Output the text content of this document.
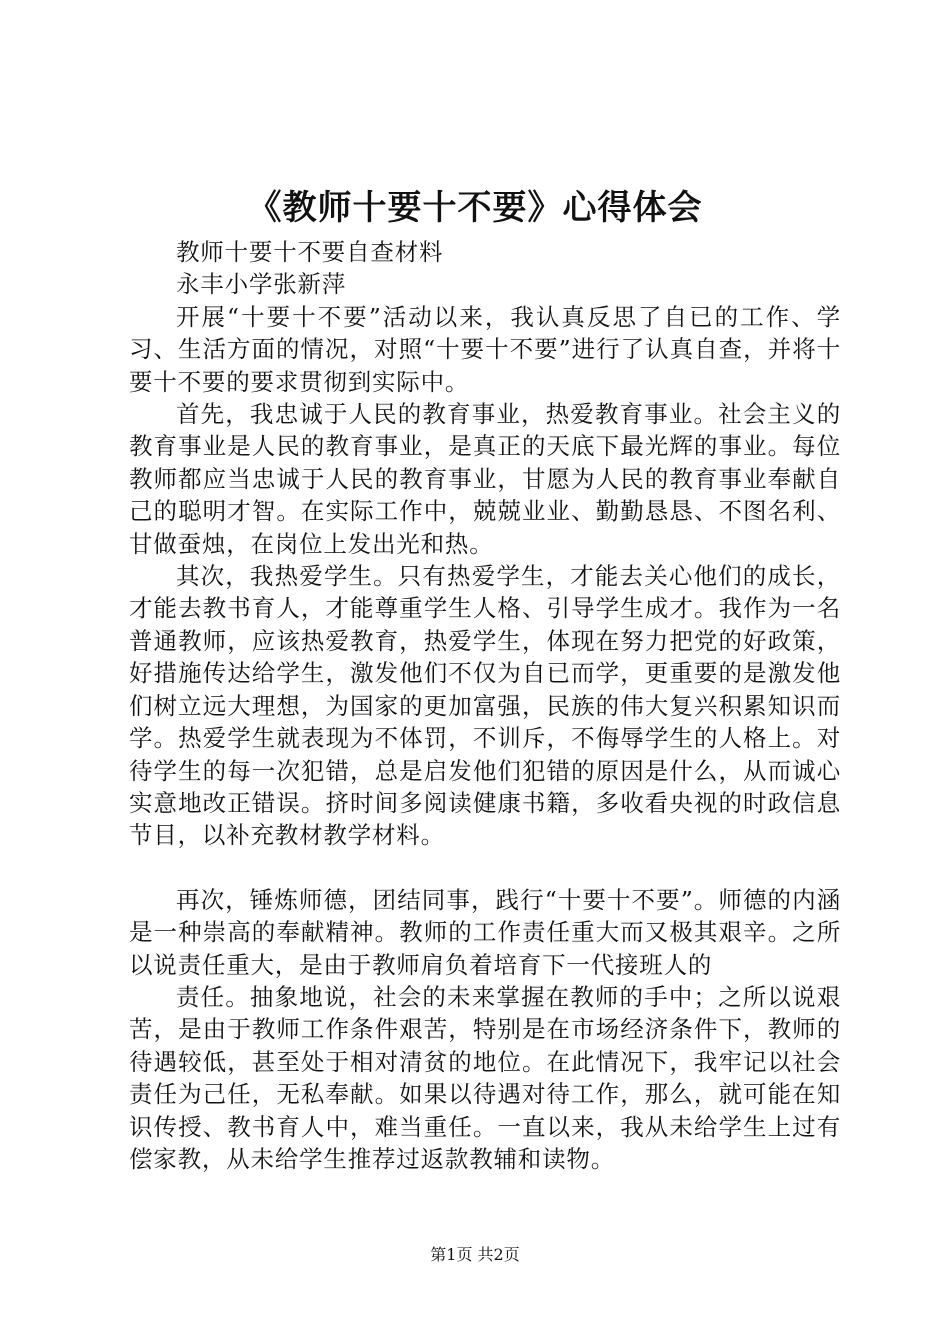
《教师十要十不要》心得体会

教师十要十不要自查材料

永丰小学张新萍

开展“十要十不要”活动以来，我认真反思了自已的工作、学习、生活方面的情况，对照“十要十不要”进行了认真自查，并将十要十不要的要求贯彻到实际中。

首先，我忠诚于人民的教育事业，热爱教育事业。社会主义的教育事业是人民的教育事业，是真正的天底下最光辉的事业。每位教师都应当忠诚于人民的教育事业，甘愿为人民的教育事业奉献自己的聪明才智。在实际工作中，兢兢业业、勤勤恳恳、不图名利、甘做蚕烛，在岗位上发出光和热。

其次，我热爱学生。只有热爱学生，才能去关心他们的成长，才能去教书育人，才能尊重学生人格、引导学生成才。我作为一名普通教师，应该热爱教育，热爱学生，体现在努力把党的好政策，好措施传达给学生，激发他们不仅为自已而学，更重要的是激发他们树立远大理想，为国家的更加富强，民族的伟大复兴积累知识而学。热爱学生就表现为不体罚，不训斥，不侮辱学生的人格上。对待学生的每一次犯错，总是启发他们犯错的原因是什么，从而诚心实意地改正错误。挤时间多阅读健康书籍，多收看央视的时政信息节目，以补充教材教学材料。

再次，锤炼师德，团结同事，践行“十要十不要”。师德的内涵是一种崇高的奉献精神。教师的工作责任重大而又极其艰辛。之所以说责任重大，是由于教师肩负着培育下一代接班人的

责任。抽象地说，社会的未来掌握在教师的手中；之所以说艰苦，是由于教师工作条件艰苦，特别是在市场经济条件下，教师的待遇较低，甚至处于相对清贫的地位。在此情况下，我牢记以社会责任为己任，无私奉献。如果以待遇对待工作，那么，就可能在知识传授、教书育人中，难当重任。一直以来，我从未给学生上过有偿家教，从未给学生推荐过返款教辅和读物。

第1页 共2页
